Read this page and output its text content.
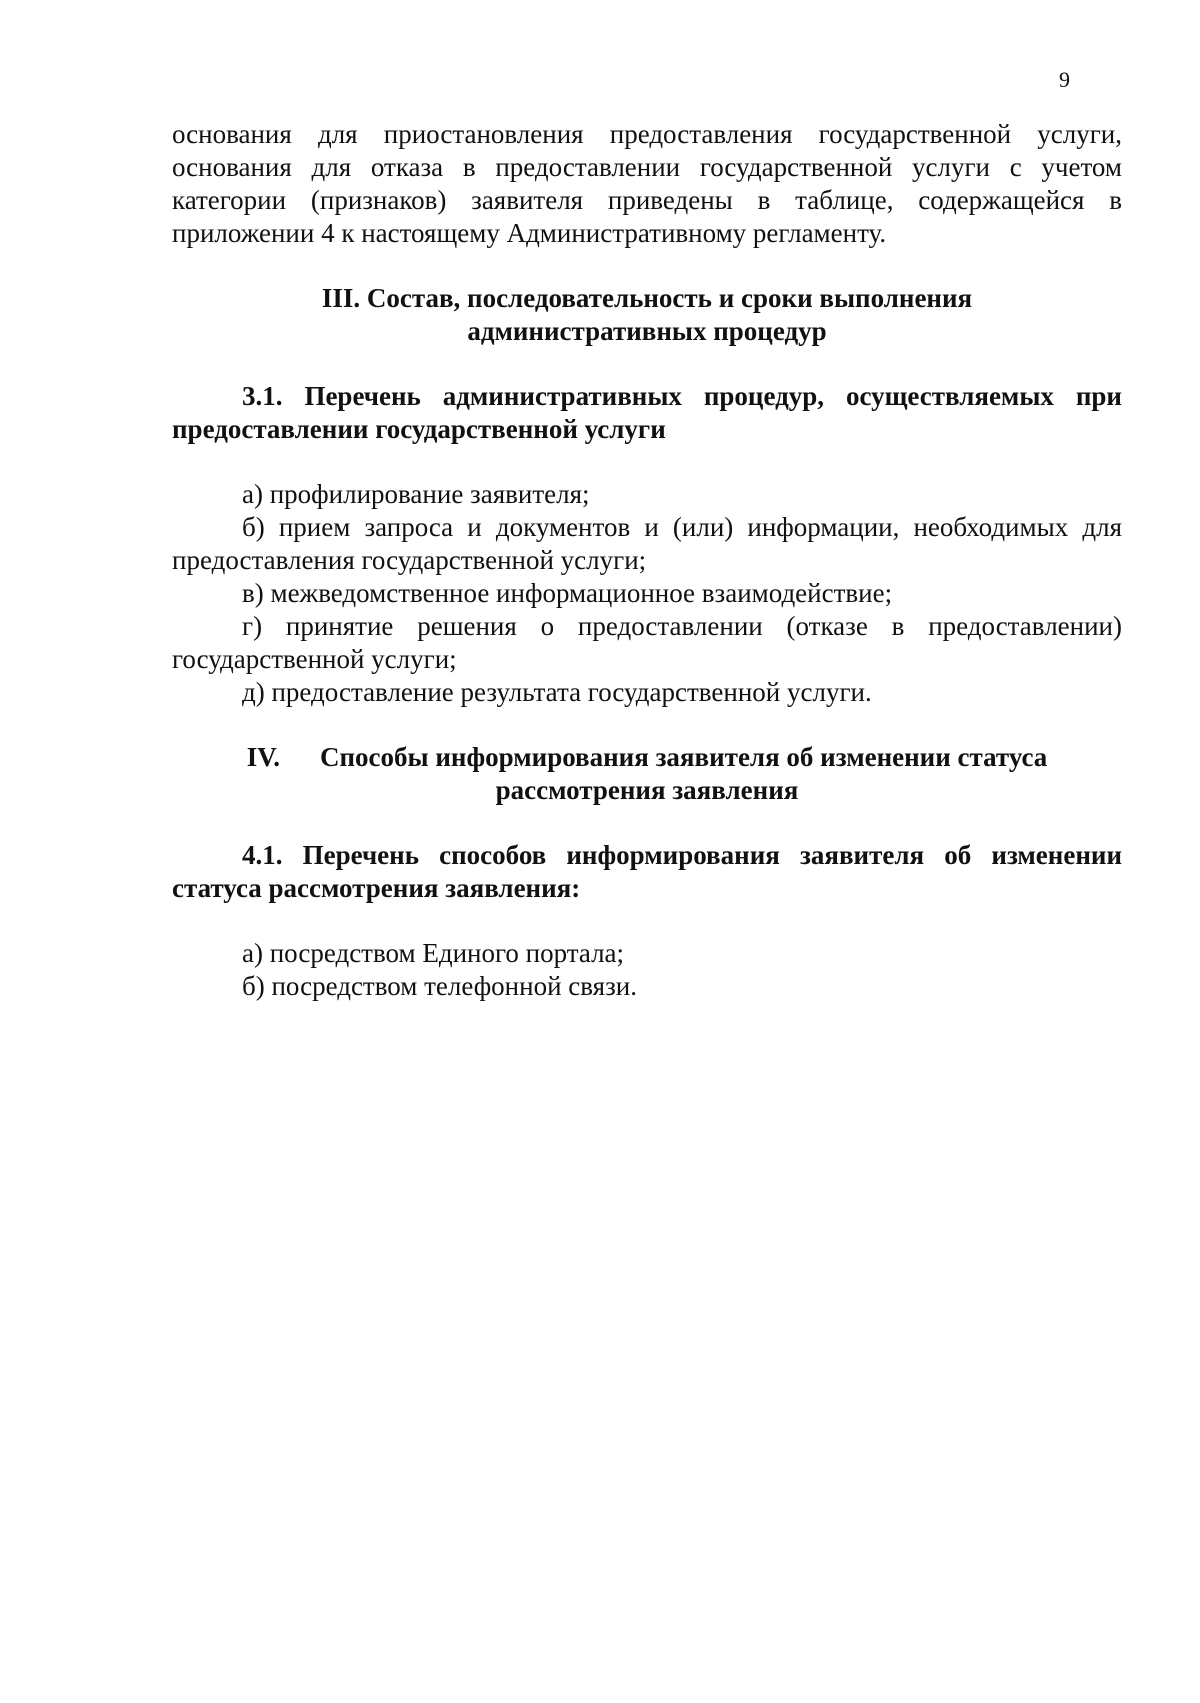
9

основания для приостановления предоставления государственной услуги, основания для отказа в предоставлении государственной услуги с учетом категории (признаков) заявителя приведены в таблице, содержащейся в приложении 4 к настоящему Административному регламенту.

III. Состав, последовательность и сроки выполнения

административных процедур

3.1. Перечень административных процедур, осуществляемых при предоставлении государственной услуги

а) профилирование заявителя;

б) прием запроса и документов и (или) информации, необходимых для предоставления государственной услуги;

в) межведомственное информационное взаимодействие;

г) принятие решения о предоставлении (отказе в предоставлении) государственной услуги;

д) предоставление результата государственной услуги.

IV. Способы информирования заявителя об изменении статуса

рассмотрения заявления

4.1. Перечень способов информирования заявителя об изменении статуса рассмотрения заявления:

а) посредством Единого портала;

б) посредством телефонной связи.
